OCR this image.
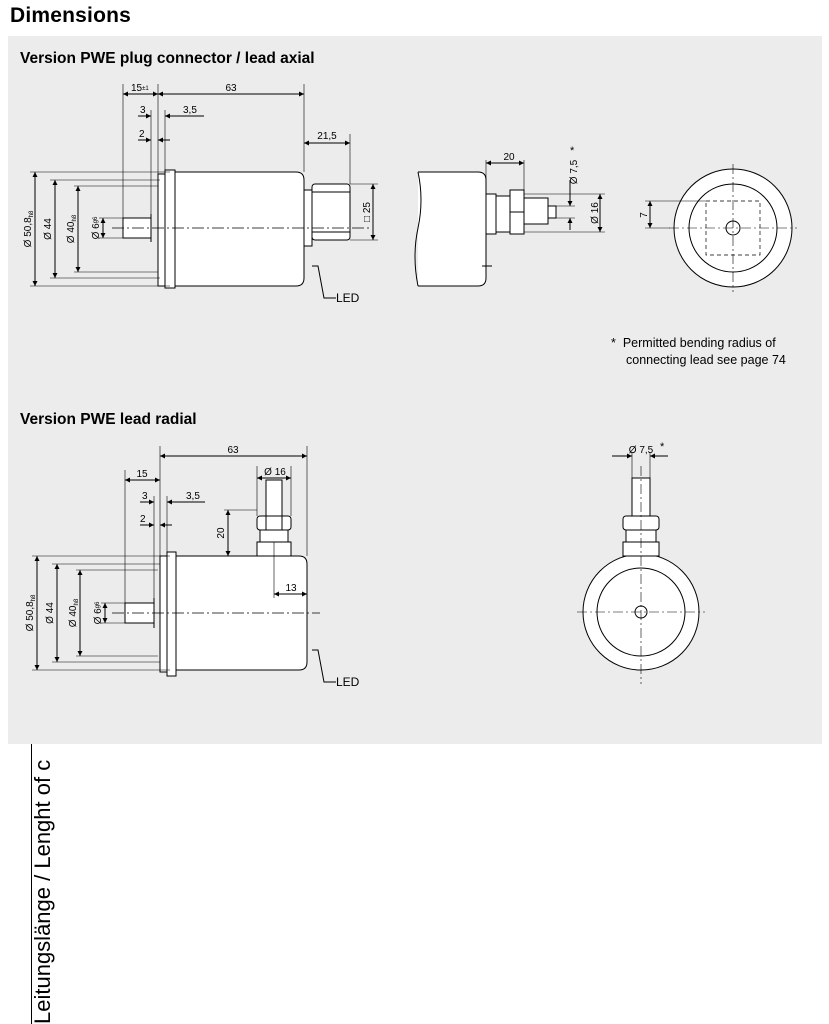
Dimensions
Version PWE plug connector / lead axial
Version PWE lead radial
Ø $50,8_{h8}$
Ø 44 Ø $40_{h8}$
Ø $6^{g6}$
15±1	63
3	3,5
2	21,5
□ 25
LED
20
Ø 7,5
*
Ø 16	7
63
15	Ø 16
3	3,5
2
20
13
Ø $50,8_{h8}$
Ø 44 Ø $40_{h8}$
Ø $6^{g6}$
LED
Ø 7,5 *
* Permitted bending radius of
connecting lead see page 74
Leitungslänge / Lenght of c
